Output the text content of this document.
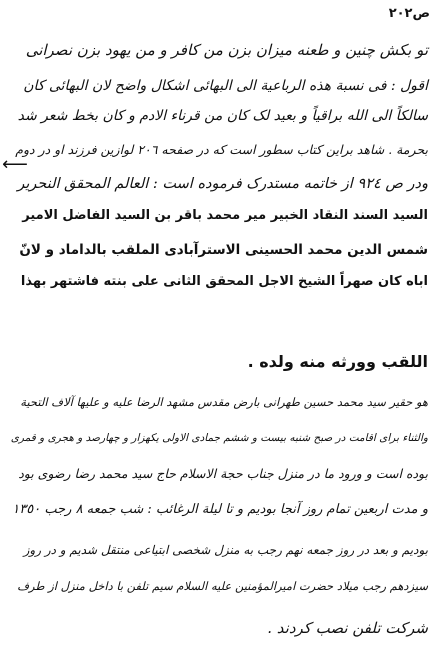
ص٢٠٢
تو بکش چنین و طعنه میزان بزن من کافر و من یهود بزن نصرانی
اقول : فی نسبة هذه الرباعیة الی البهائی اشکال واضح لان البهائی کان
سالکاً الی الله براقیاً و بعید لک کان من قرناء الادم و کان بخط شعر شد
بحرمة . شاهد براین کتاب سطور است که در صفحه ٢٠٦ لوازین فرزند او در دوم
⟵
ودر ص ٩٢٤ از خاتمه مستدرک فرموده است : العالم المحقق النحریر
السید السند النقاد الخبیر میر محمد باقر بن السید الفاضل الامیر
شمس الدین محمد الحسینی الاسترآبادی الملقب بالداماد و لانّ
اباه کان صهراً الشیخ الاجل المحقق الثانی علی بنته فاشتهر بهذا
اللقب وورثه منه ولده .
هو حقیر سید محمد حسین طهرانی بارض مقدس مشهد الرضا علیه و علیها آلاف التحیة
والثناء برای اقامت در صبح شنبه بیست و ششم جمادی الاولی یکهزار و چهارصد و هجری و قمری
بوده است و ورود ما در منزل جناب حجة الاسلام حاج سید محمد رضا رضوی بود
و مدت اربعین تمام روز آنجا بودیم و تا لیلة الرغائب : شب جمعه ٨ رجب ١٣٥٠
بودیم و بعد در روز جمعه نهم رجب به منزل شخصی ابتیاعی منتقل شدیم و در روز
سیزدهم رجب میلاد حضرت امیرالمؤمنین علیه السلام سیم تلفن با داخل منزل از طرف
شرکت تلفن نصب کردند .
